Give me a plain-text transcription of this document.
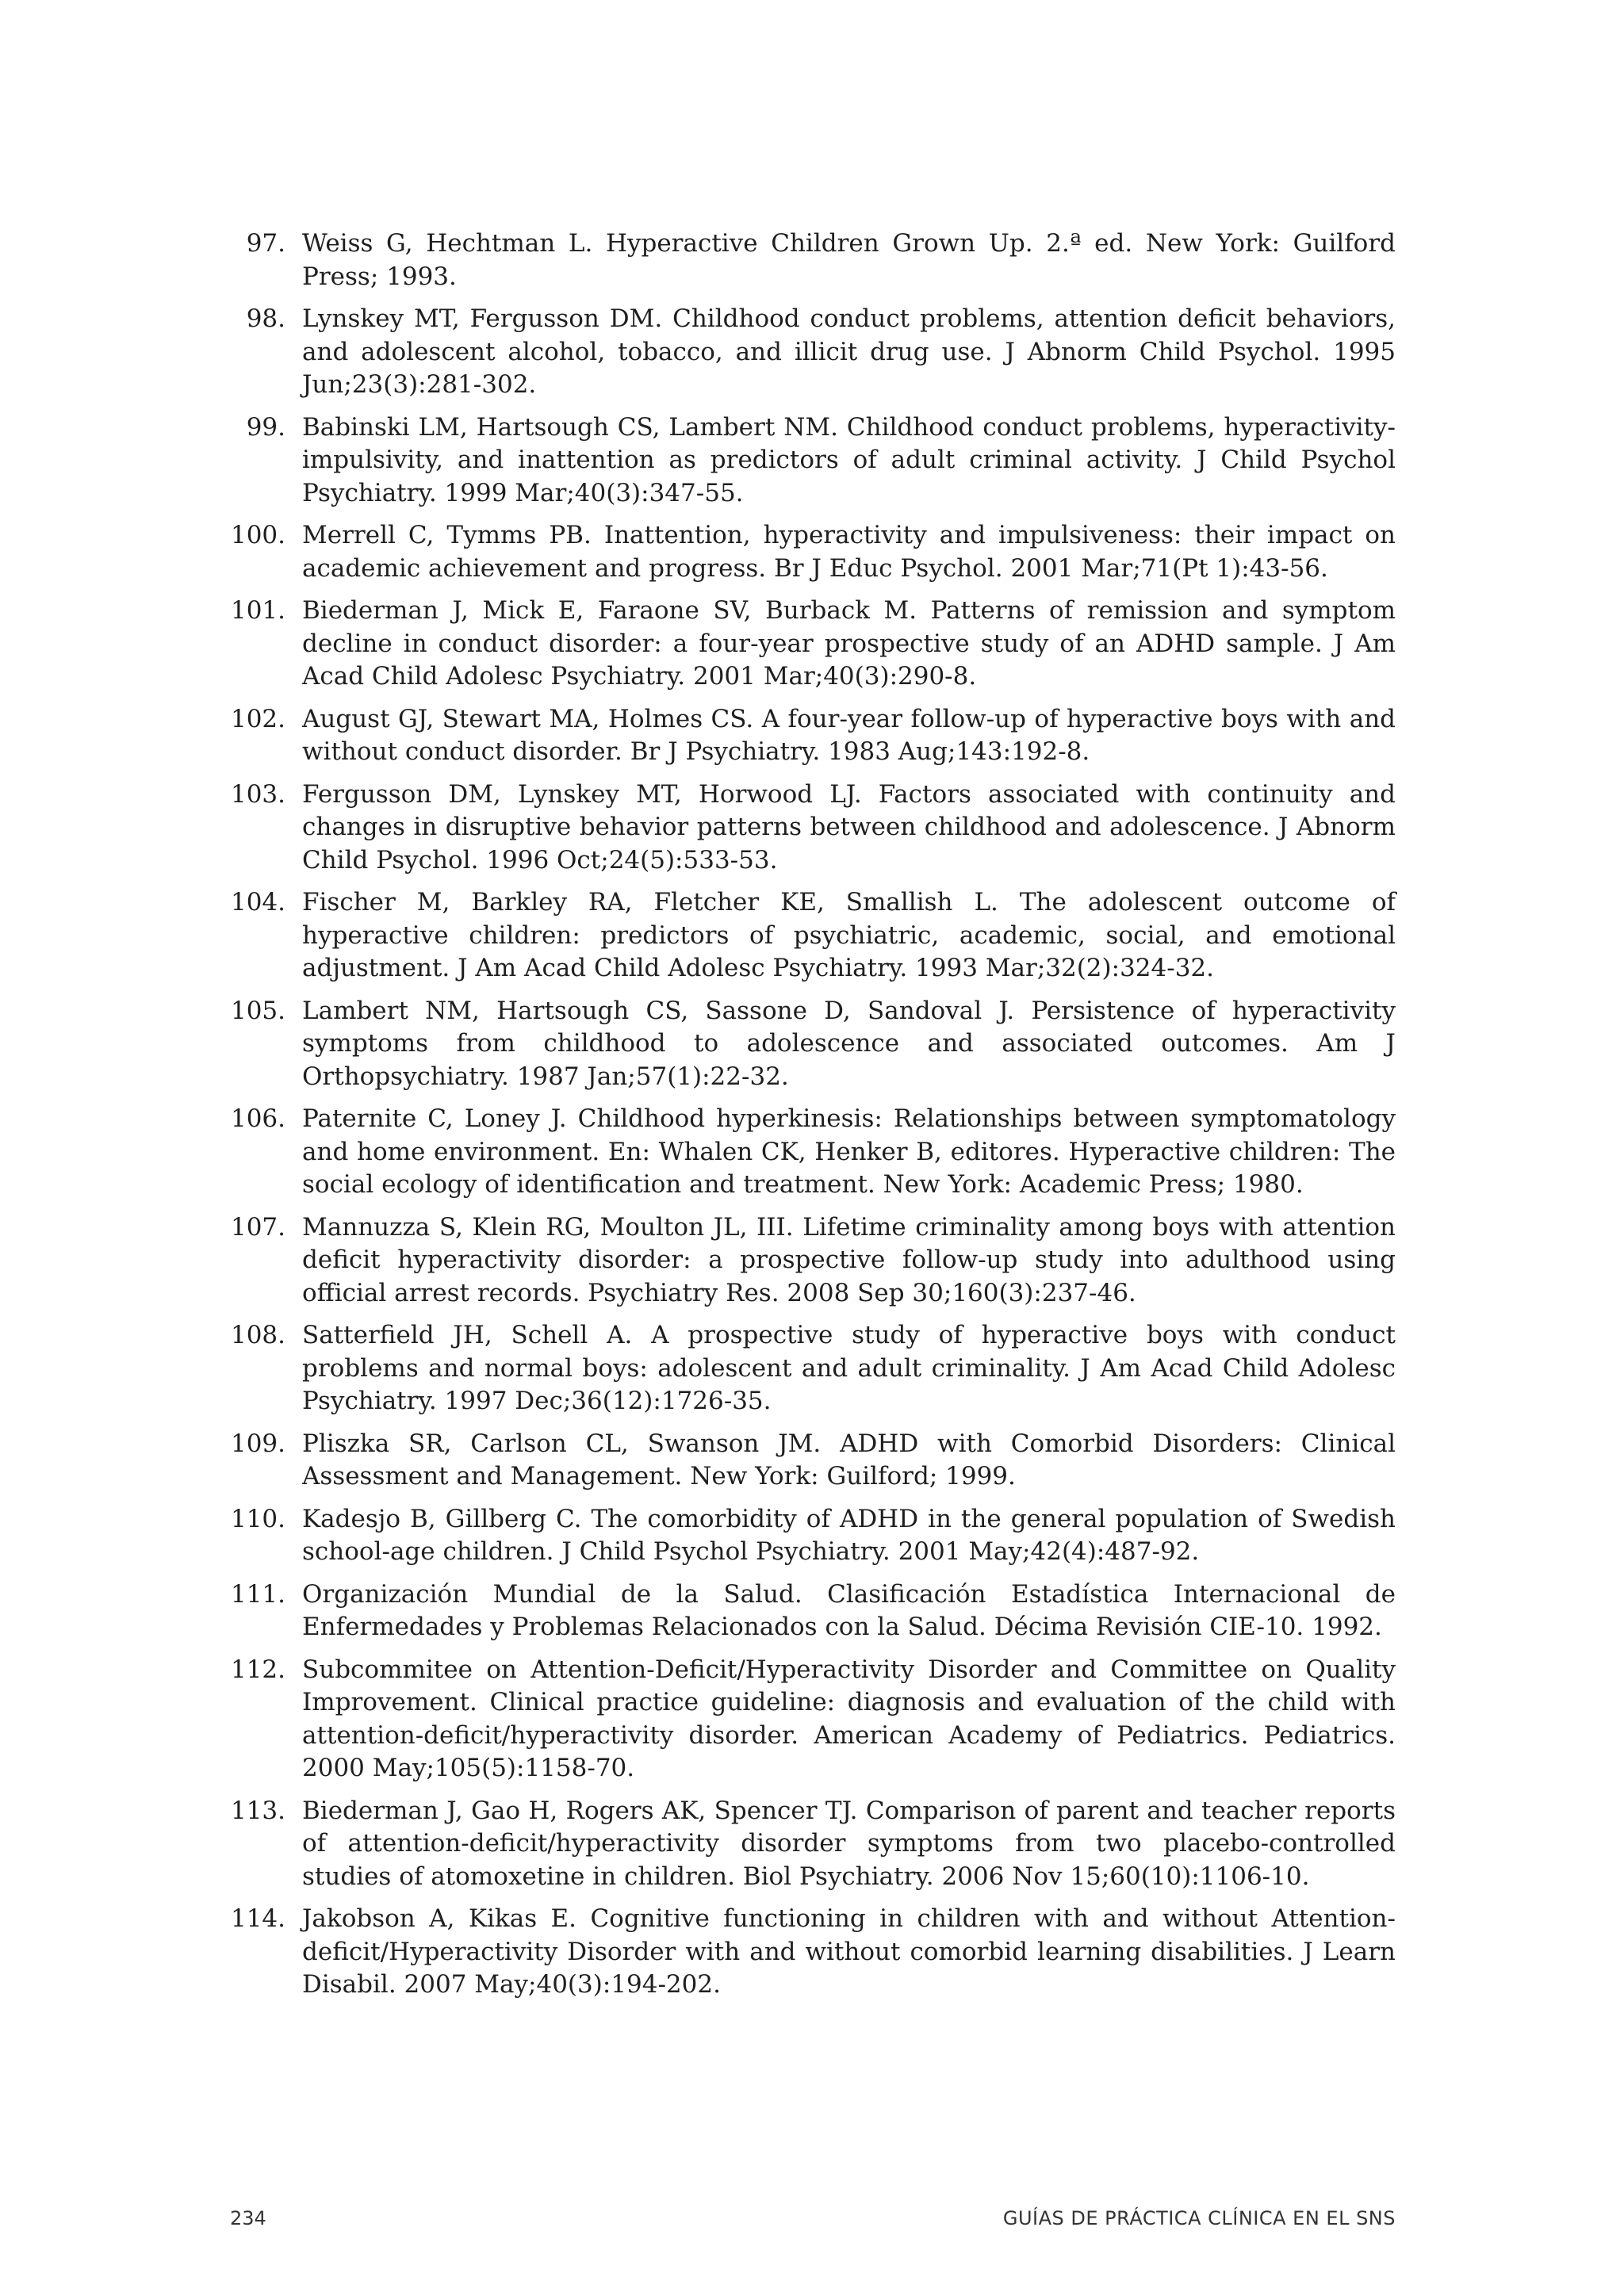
97. Weiss G, Hechtman L. Hyperactive Children Grown Up. 2.ª ed. New York: Guilford Press; 1993.
98. Lynskey MT, Fergusson DM. Childhood conduct problems, attention deficit behaviors, and adolescent alcohol, tobacco, and illicit drug use. J Abnorm Child Psychol. 1995 Jun;23(3):281-302.
99. Babinski LM, Hartsough CS, Lambert NM. Childhood conduct problems, hyperactivity-impulsivity, and inattention as predictors of adult criminal activity. J Child Psychol Psychiatry. 1999 Mar;40(3):347-55.
100. Merrell C, Tymms PB. Inattention, hyperactivity and impulsiveness: their impact on academic achievement and progress. Br J Educ Psychol. 2001 Mar;71(Pt 1):43-56.
101. Biederman J, Mick E, Faraone SV, Burback M. Patterns of remission and symptom decline in conduct disorder: a four-year prospective study of an ADHD sample. J Am Acad Child Adolesc Psychiatry. 2001 Mar;40(3):290-8.
102. August GJ, Stewart MA, Holmes CS. A four-year follow-up of hyperactive boys with and without conduct disorder. Br J Psychiatry. 1983 Aug;143:192-8.
103. Fergusson DM, Lynskey MT, Horwood LJ. Factors associated with continuity and changes in disruptive behavior patterns between childhood and adolescence. J Abnorm Child Psychol. 1996 Oct;24(5):533-53.
104. Fischer M, Barkley RA, Fletcher KE, Smallish L. The adolescent outcome of hyperactive children: predictors of psychiatric, academic, social, and emotional adjustment. J Am Acad Child Adolesc Psychiatry. 1993 Mar;32(2):324-32.
105. Lambert NM, Hartsough CS, Sassone D, Sandoval J. Persistence of hyperactivity symptoms from childhood to adolescence and associated outcomes. Am J Orthopsychiatry. 1987 Jan;57(1):22-32.
106. Paternite C, Loney J. Childhood hyperkinesis: Relationships between symptomatology and home environment. En: Whalen CK, Henker B, editores. Hyperactive children: The social ecology of identification and treatment. New York: Academic Press; 1980.
107. Mannuzza S, Klein RG, Moulton JL, III. Lifetime criminality among boys with attention deficit hyperactivity disorder: a prospective follow-up study into adulthood using official arrest records. Psychiatry Res. 2008 Sep 30;160(3):237-46.
108. Satterfield JH, Schell A. A prospective study of hyperactive boys with conduct problems and normal boys: adolescent and adult criminality. J Am Acad Child Adolesc Psychiatry. 1997 Dec;36(12):1726-35.
109. Pliszka SR, Carlson CL, Swanson JM. ADHD with Comorbid Disorders: Clinical Assessment and Management. New York: Guilford; 1999.
110. Kadesjo B, Gillberg C. The comorbidity of ADHD in the general population of Swedish school-age children. J Child Psychol Psychiatry. 2001 May;42(4):487-92.
111. Organización Mundial de la Salud. Clasificación Estadística Internacional de Enfermedades y Problemas Relacionados con la Salud. Décima Revisión CIE-10. 1992.
112. Subcommitee on Attention-Deficit/Hyperactivity Disorder and Committee on Quality Improvement. Clinical practice guideline: diagnosis and evaluation of the child with attention-deficit/hyperactivity disorder. American Academy of Pediatrics. Pediatrics. 2000 May;105(5):1158-70.
113. Biederman J, Gao H, Rogers AK, Spencer TJ. Comparison of parent and teacher reports of attention-deficit/hyperactivity disorder symptoms from two placebo-controlled studies of atomoxetine in children. Biol Psychiatry. 2006 Nov 15;60(10):1106-10.
114. Jakobson A, Kikas E. Cognitive functioning in children with and without Attention-deficit/Hyperactivity Disorder with and without comorbid learning disabilities. J Learn Disabil. 2007 May;40(3):194-202.
234	GUÍAS DE PRÁCTICA CLÍNICA EN EL SNS
